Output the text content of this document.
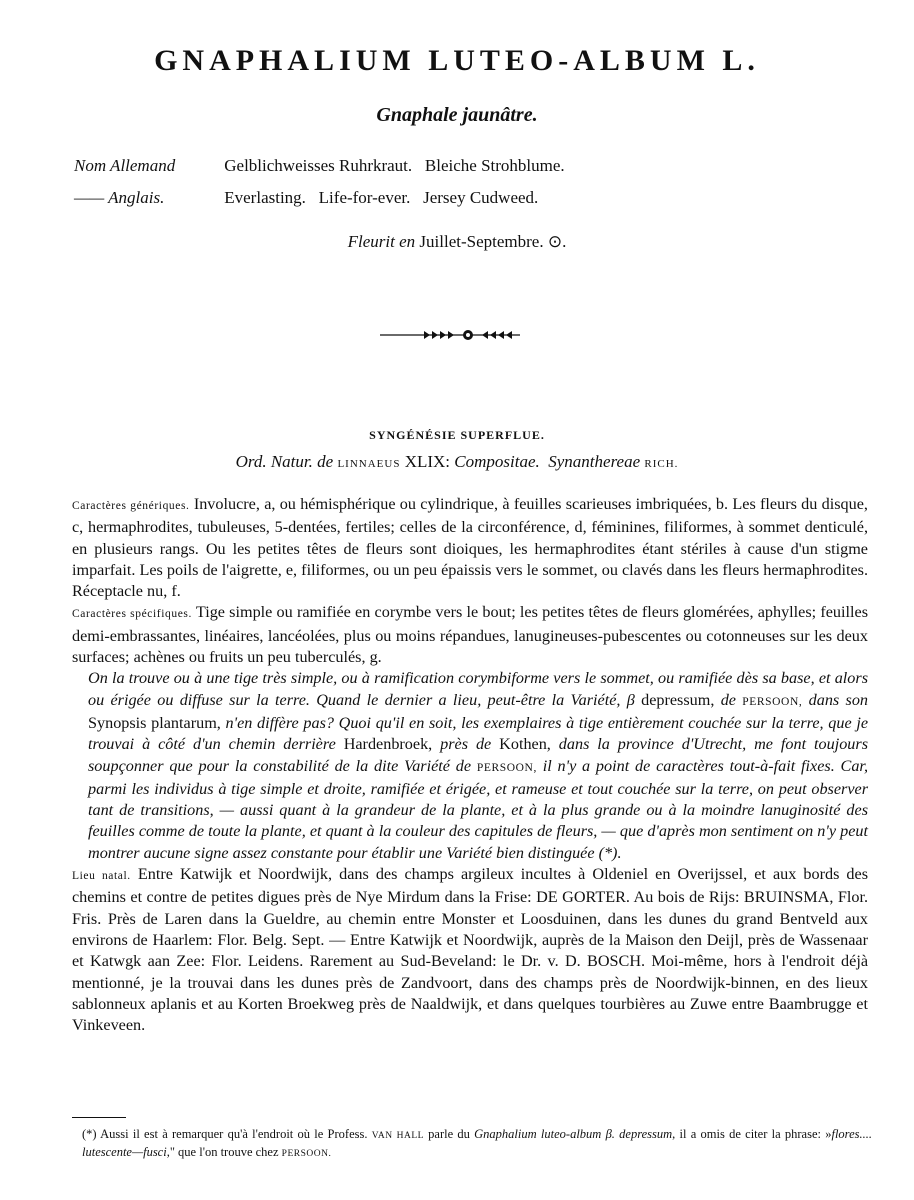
GNAPHALIUM LUTEO-ALBUM L.
Gnaphale jaunâtre.
Nom Allemand	Gelblichweisses Ruhrkraut.   Bleiche Strohblume.
—— Anglais.	Everlasting.   Life-for-ever.   Jersey Cudweed.
Fleurit en Juillet-Septembre. ⊙.
SYNGÉNÉSIE SUPERFLUE.
Ord. Natur. de LINNAEUS XLIX: Compositae. Synanthereae RICH.

Caractères génériques. Involucre, a, ou hémisphérique ou cylindrique, à feuilles scarieuses imbriquées, b. Les fleurs du disque, c, hermaphrodites, tubuleuses, 5-dentées, fertiles; celles de la circonférence, d, féminines, filiformes, à sommet denticulé, en plusieurs rangs. Ou les petites têtes de fleurs sont dioiques, les hermaphrodites étant stériles à cause d'un stigme imparfait. Les poils de l'aigrette, e, filiformes, ou un peu épaissis vers le sommet, ou clavés dans les fleurs hermaphrodites. Réceptacle nu, f.

Caractères spécifiques. Tige simple ou ramifiée en corymbe vers le bout; les petites têtes de fleurs glomérées, aphylles; feuilles demi-embrassantes, linéaires, lancéolées, plus ou moins répandues, lanugineuses-pubescentes ou cotonneuses sur les deux surfaces; achènes ou fruits un peu tuberculés, g.

On la trouve ou à une tige très simple, ou à ramification corymbiforme vers le sommet, ou ramifiée dès sa base, et alors ou érigée ou diffuse sur la terre. Quand le dernier a lieu, peut-être la Variété, β depressum, de PERSOON, dans son Synopsis plantarum, n'en diffère pas? Quoi qu'il en soit, les exemplaires à tige entièrement couchée sur la terre, que je trouvai à côté d'un chemin derrière Hardenbroek, près de Kothen, dans la province d'Utrecht, me font toujours soupçonner que pour la constabilité de la dite Variété de PERSOON, il n'y a point de caractères tout-à-fait fixes. Car, parmi les individus à tige simple et droite, ramifiée et érigée, et rameuse et tout couchée sur la terre, on peut observer tant de transitions, — aussi quant à la grandeur de la plante, et à la plus grande ou à la moindre lanuginosité des feuilles comme de toute la plante, et quant à la couleur des capitules de fleurs, — que d'après mon sentiment on n'y peut montrer aucune signe assez constante pour établir une Variété bien distinguée (*).

Lieu natal. Entre Katwijk et Noordwijk, dans des champs argileux incultes à Oldeniel en Overijssel, et aux bords des chemins et contre de petites digues près de Nye Mirdum dans la Frise: DE GORTER. Au bois de Rijs: BRUINSMA, Flor. Fris. Près de Laren dans la Gueldre, au chemin entre Monster et Loosduinen, dans les dunes du grand Bentveld aux environs de Haarlem: Flor. Belg. Sept. — Entre Katwijk et Noordwijk, auprès de la Maison den Deijl, près de Wassenaar et Katwgk aan Zee: Flor. Leidens. Rarement au Sud-Beveland: le Dr. v. D. BOSCH. Moi-même, hors à l'endroit déjà mentionné, je la trouvai dans les dunes près de Zandvoort, dans des champs près de Noordwijk-binnen, en des lieux sablonneux aplanis et au Korten Broekweg près de Naaldwijk, et dans quelques tourbières au Zuwe entre Baambrugge et Vinkeveen.

(*) Aussi il est à remarquer qu'à l'endroit où le Profess. VAN HALL parle du Gnaphalium luteo-album β. depressum, il a omis de citer la phrase: »flores.... lutescente—fusci," que l'on trouve chez PERSOON.
